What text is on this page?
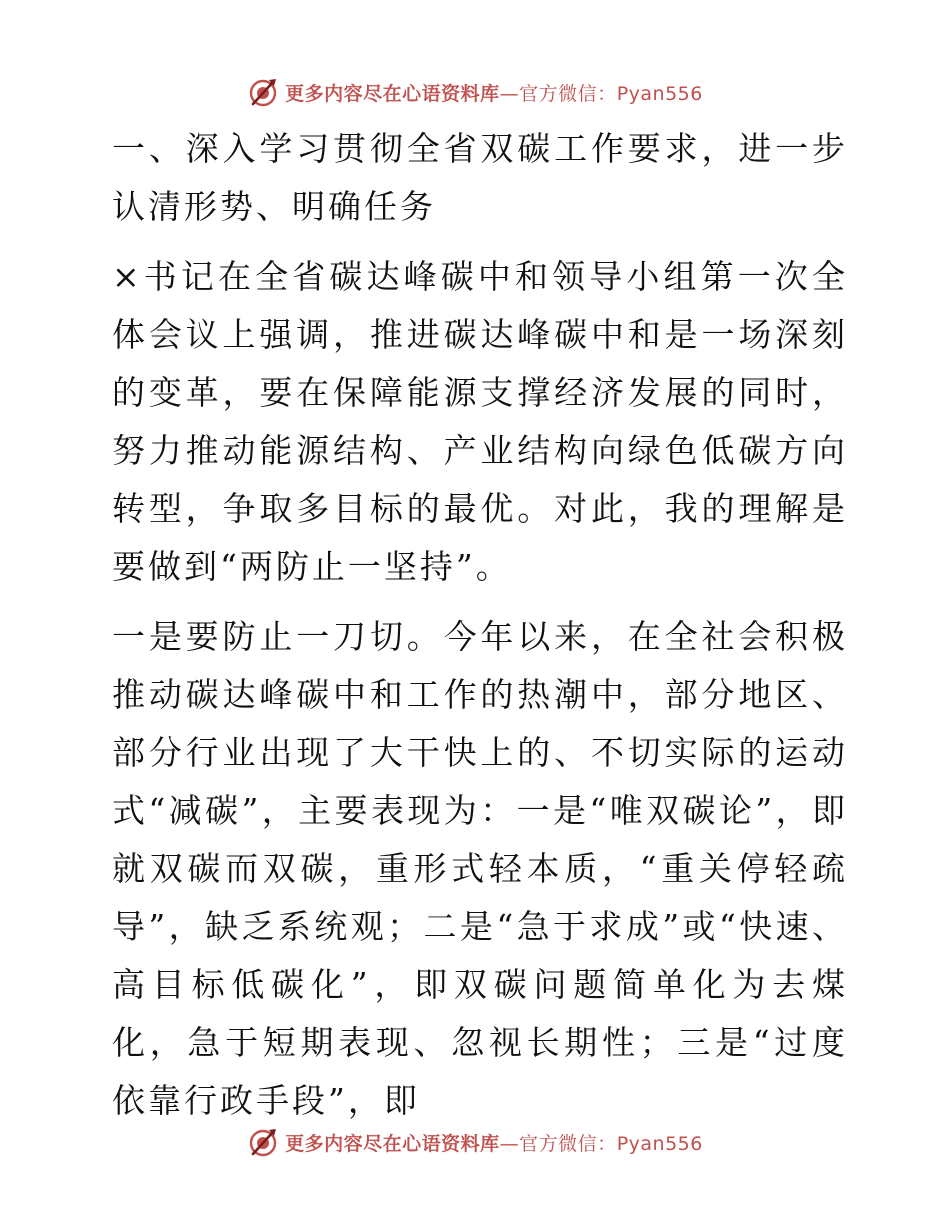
更多内容尽在心语资料库—官方微信：Pyan556

一、深入学习贯彻全省双碳工作要求，进一步认清形势、明确任务

×书记在全省碳达峰碳中和领导小组第一次全体会议上强调，推进碳达峰碳中和是一场深刻的变革，要在保障能源支撑经济发展的同时，努力推动能源结构、产业结构向绿色低碳方向转型，争取多目标的最优。对此，我的理解是要做到“两防止一坚持”。

一是要防止一刀切。今年以来，在全社会积极推动碳达峰碳中和工作的热潮中，部分地区、部分行业出现了大干快上的、不切实际的运动式“减碳”，主要表现为：一是“唯双碳论”，即就双碳而双碳，重形式轻本质，“重关停轻疏导”，缺乏系统观；二是“急于求成”或“快速、高目标低碳化”，即双碳问题简单化为去煤化，急于短期表现、忽视长期性；三是“过度依靠行政手段”，即

更多内容尽在心语资料库—官方微信：Pyan556
